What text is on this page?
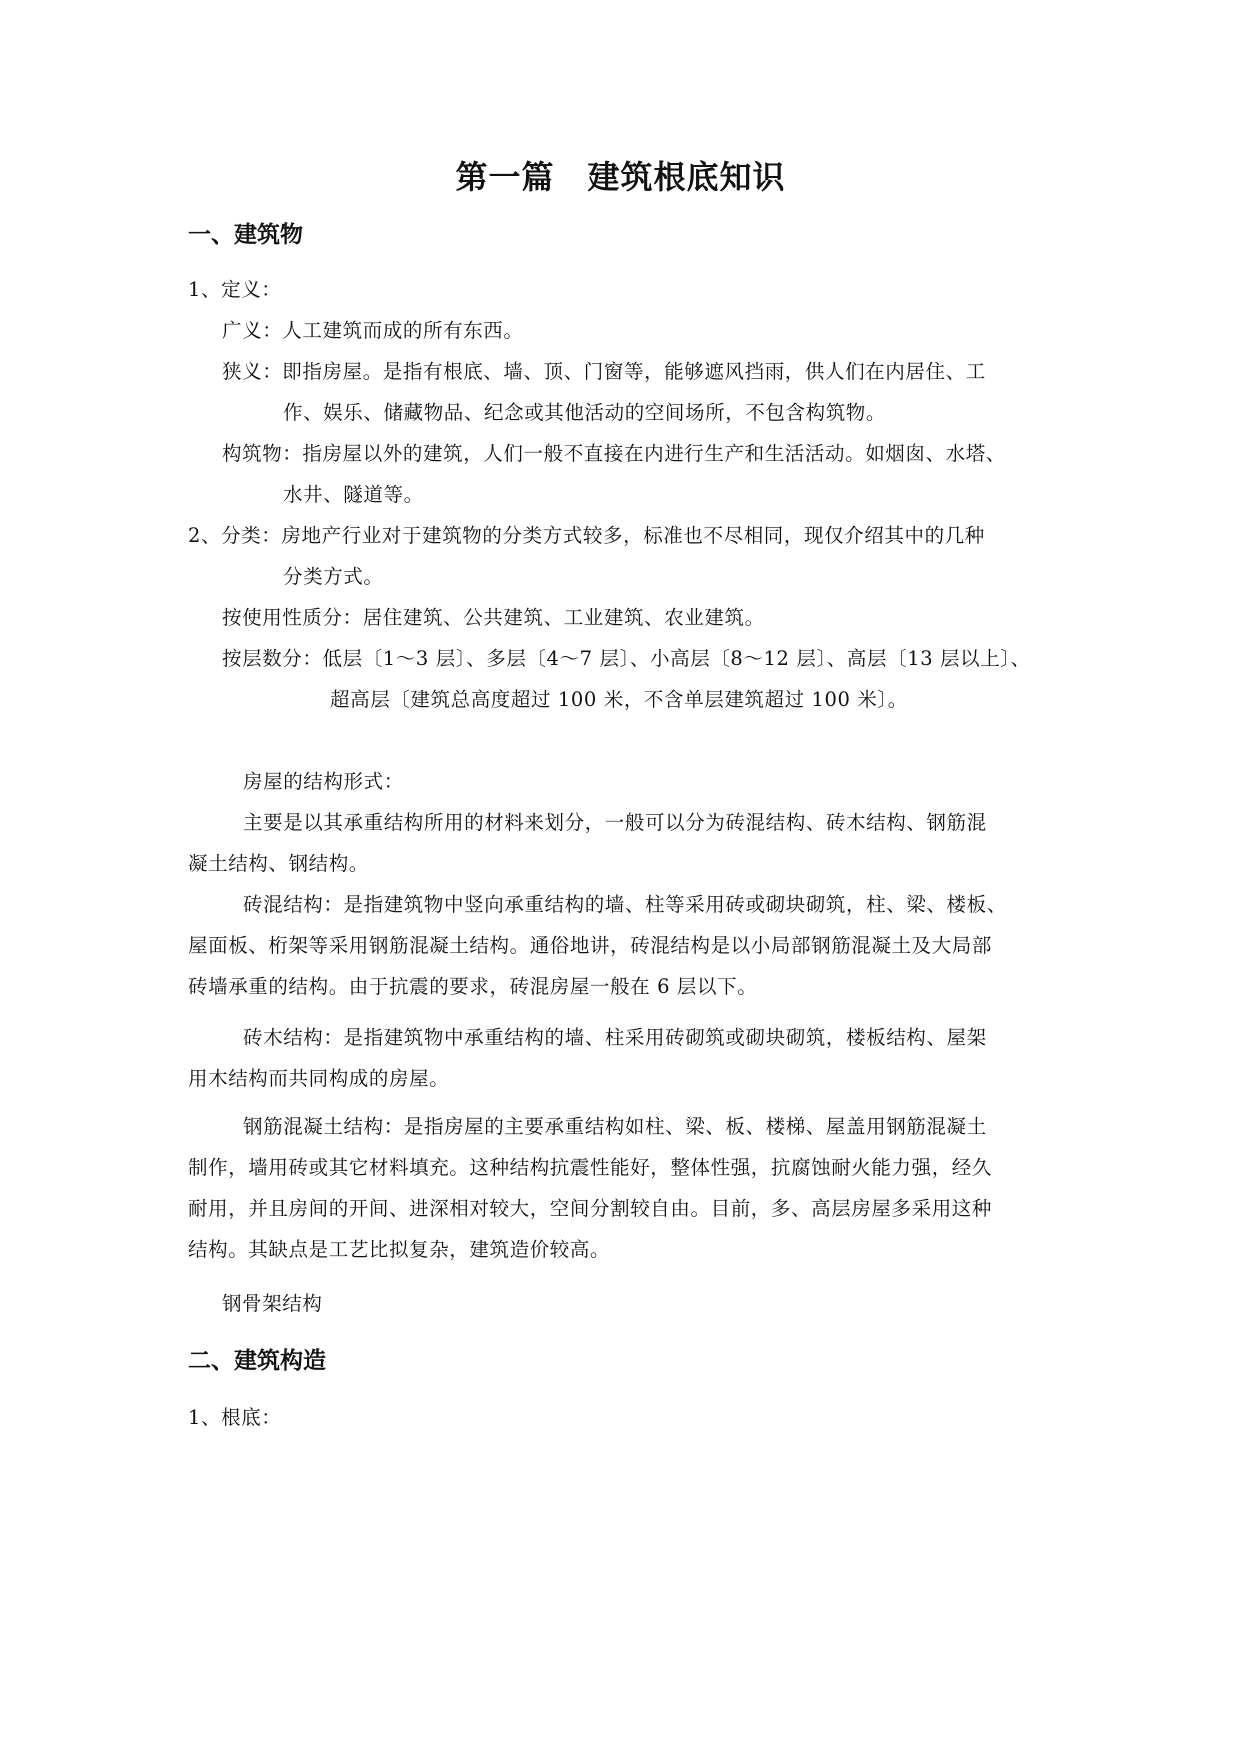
第一篇　建筑根底知识
一、建筑物
1、定义：
广义：人工建筑而成的所有东西。
狭义：即指房屋。是指有根底、墙、顶、门窗等，能够遮风挡雨，供人们在内居住、工
作、娱乐、储藏物品、纪念或其他活动的空间场所，不包含构筑物。
构筑物：指房屋以外的建筑，人们一般不直接在内进行生产和生活活动。如烟囱、水塔、
水井、隧道等。
2、分类：房地产行业对于建筑物的分类方式较多，标准也不尽相同，现仅介绍其中的几种
分类方式。
按使用性质分：居住建筑、公共建筑、工业建筑、农业建筑。
按层数分：低层〔1～3 层〕、多层〔4～7 层〕、小高层〔8～12 层〕、高层〔13 层以上〕、
超高层〔建筑总高度超过 100 米，不含单层建筑超过 100 米〕。
房屋的结构形式：
主要是以其承重结构所用的材料来划分，一般可以分为砖混结构、砖木结构、钢筋混
凝土结构、钢结构。
砖混结构：是指建筑物中竖向承重结构的墙、柱等采用砖或砌块砌筑，柱、梁、楼板、
屋面板、桁架等采用钢筋混凝土结构。通俗地讲，砖混结构是以小局部钢筋混凝土及大局部
砖墙承重的结构。由于抗震的要求，砖混房屋一般在 6 层以下。
砖木结构：是指建筑物中承重结构的墙、柱采用砖砌筑或砌块砌筑，楼板结构、屋架
用木结构而共同构成的房屋。
钢筋混凝土结构：是指房屋的主要承重结构如柱、梁、板、楼梯、屋盖用钢筋混凝土
制作，墙用砖或其它材料填充。这种结构抗震性能好，整体性强，抗腐蚀耐火能力强，经久
耐用，并且房间的开间、进深相对较大，空间分割较自由。目前，多、高层房屋多采用这种
结构。其缺点是工艺比拟复杂，建筑造价较高。
钢骨架结构
二、建筑构造
1、根底：
